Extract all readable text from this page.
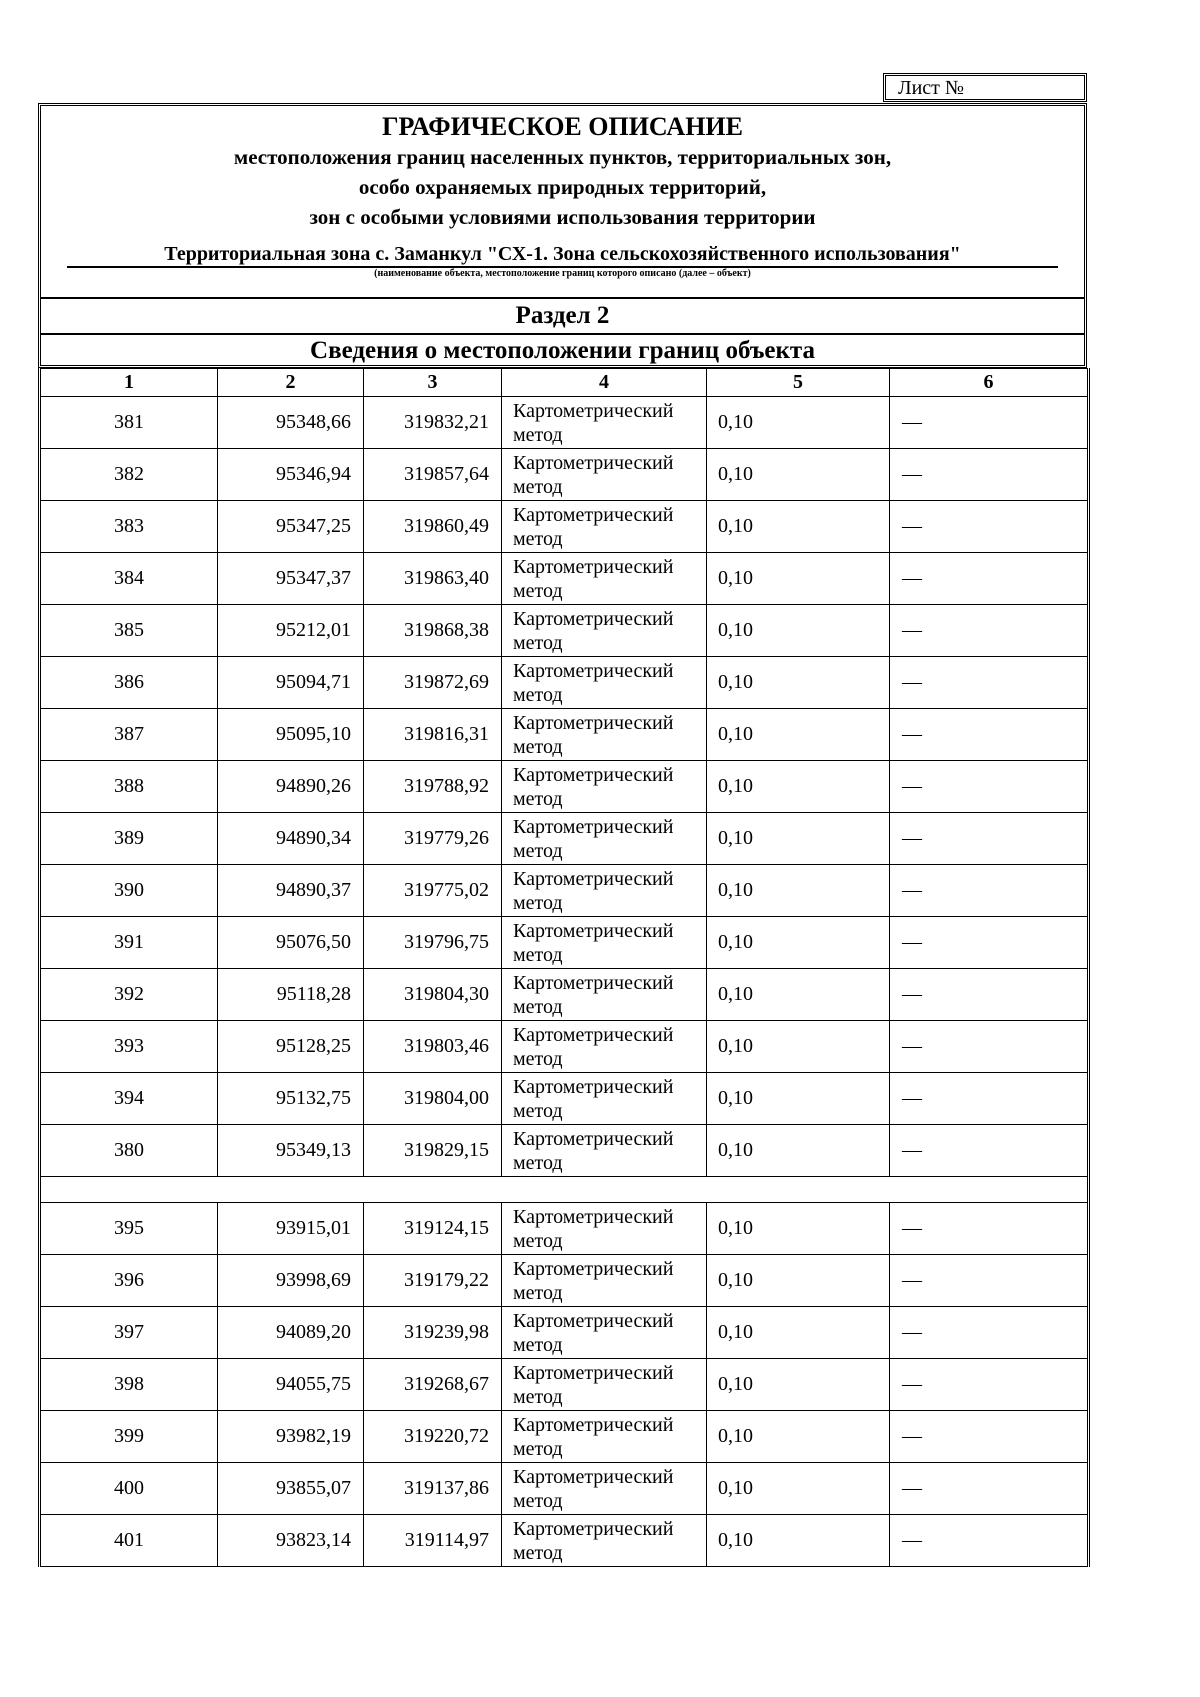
Лист №
ГРАФИЧЕСКОЕ ОПИСАНИЕ
местоположения границ населенных пунктов, территориальных зон,
особо охраняемых природных территорий,
зон с особыми условиями использования территории
Территориальная зона с. Заманкул "СХ-1. Зона сельскохозяйственного использования"
(наименование объекта, местоположение границ которого описано (далее – объект)
Раздел 2
Сведения о местоположении границ объекта
1	2	3	4	5	6
381	95348,66	319832,21	Картометрический метод	0,10	—
382	95346,94	319857,64	Картометрический метод	0,10	—
383	95347,25	319860,49	Картометрический метод	0,10	—
384	95347,37	319863,40	Картометрический метод	0,10	—
385	95212,01	319868,38	Картометрический метод	0,10	—
386	95094,71	319872,69	Картометрический метод	0,10	—
387	95095,10	319816,31	Картометрический метод	0,10	—
388	94890,26	319788,92	Картометрический метод	0,10	—
389	94890,34	319779,26	Картометрический метод	0,10	—
390	94890,37	319775,02	Картометрический метод	0,10	—
391	95076,50	319796,75	Картометрический метод	0,10	—
392	95118,28	319804,30	Картометрический метод	0,10	—
393	95128,25	319803,46	Картометрический метод	0,10	—
394	95132,75	319804,00	Картометрический метод	0,10	—
380	95349,13	319829,15	Картометрический метод	0,10	—

395	93915,01	319124,15	Картометрический метод	0,10	—
396	93998,69	319179,22	Картометрический метод	0,10	—
397	94089,20	319239,98	Картометрический метод	0,10	—
398	94055,75	319268,67	Картометрический метод	0,10	—
399	93982,19	319220,72	Картометрический метод	0,10	—
400	93855,07	319137,86	Картометрический метод	0,10	—
401	93823,14	319114,97	Картометрический метод	0,10	—
